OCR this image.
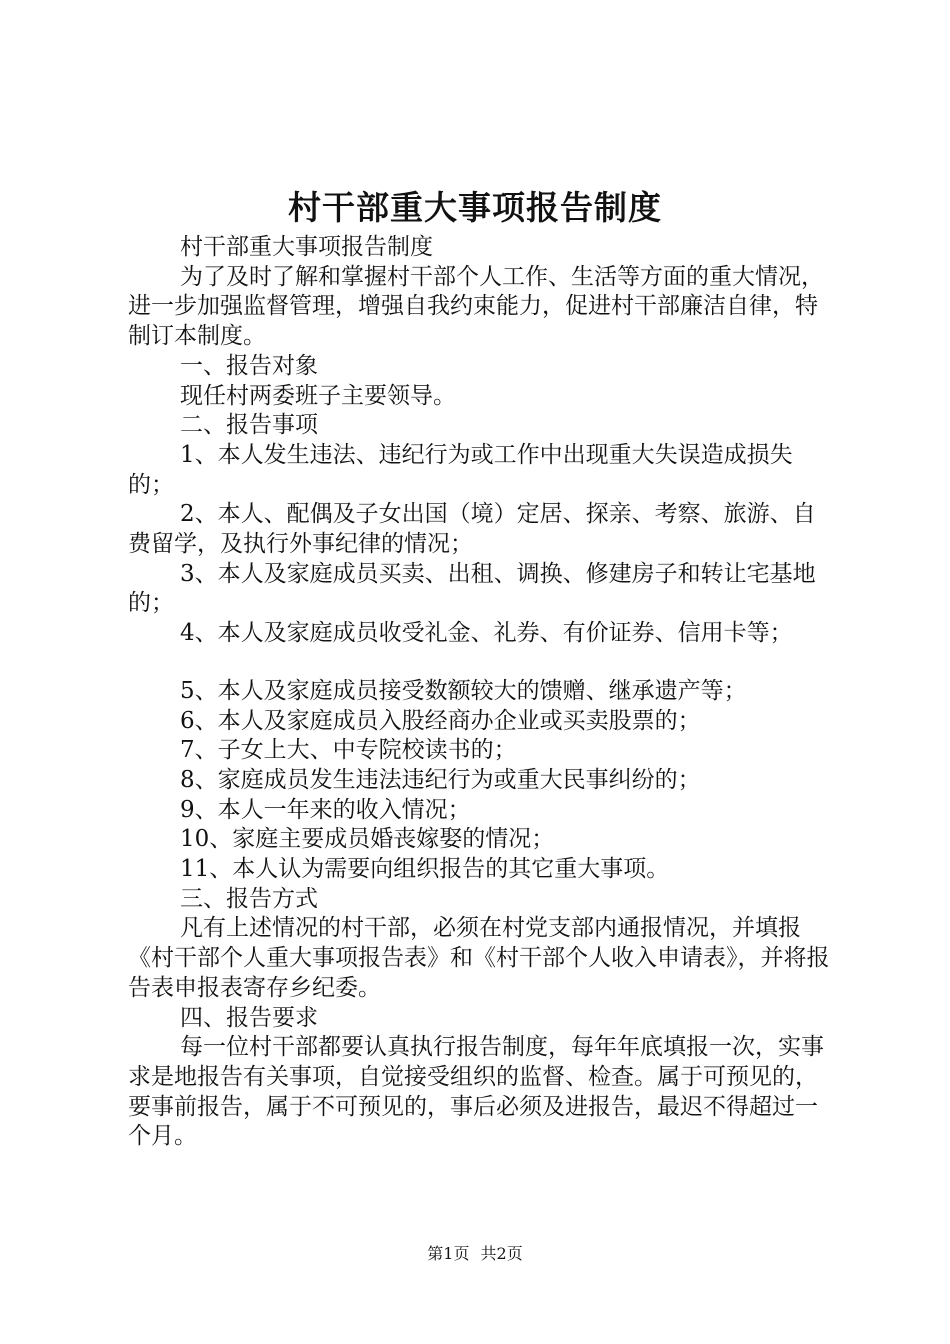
村干部重大事项报告制度

村干部重大事项报告制度

为了及时了解和掌握村干部个人工作、生活等方面的重大情况，进一步加强监督管理，增强自我约束能力，促进村干部廉洁自律，特制订本制度。

一、报告对象

现任村两委班子主要领导。

二、报告事项

1、本人发生违法、违纪行为或工作中出现重大失误造成损失的；

2、本人、配偶及子女出国（境）定居、探亲、考察、旅游、自费留学，及执行外事纪律的情况；

3、本人及家庭成员买卖、出租、调换、修建房子和转让宅基地的；

4、本人及家庭成员收受礼金、礼券、有价证券、信用卡等；

5、本人及家庭成员接受数额较大的馈赠、继承遗产等；

6、本人及家庭成员入股经商办企业或买卖股票的；

7、子女上大、中专院校读书的；

8、家庭成员发生违法违纪行为或重大民事纠纷的；

9、本人一年来的收入情况；

10、家庭主要成员婚丧嫁娶的情况；

11、本人认为需要向组织报告的其它重大事项。

三、报告方式

凡有上述情况的村干部，必须在村党支部内通报情况，并填报《村干部个人重大事项报告表》和《村干部个人收入申请表》，并将报告表申报表寄存乡纪委。

四、报告要求

每一位村干部都要认真执行报告制度，每年年底填报一次，实事求是地报告有关事项，自觉接受组织的监督、检查。属于可预见的，要事前报告，属于不可预见的，事后必须及进报告，最迟不得超过一个月。

第1页 共2页
